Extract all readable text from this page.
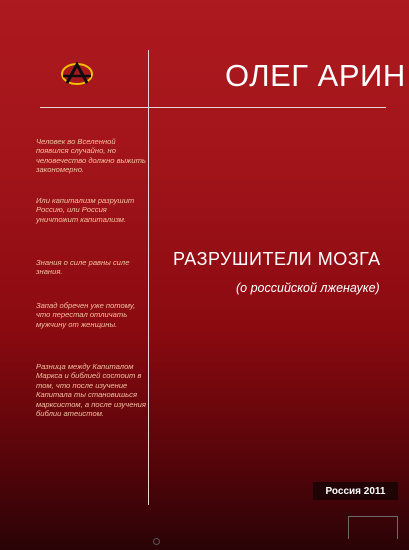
ОЛЕГ АРИН

Человек во Вселенной появился случайно, но человечество должно выжить закономерно.

Или капитализм разрушит Россию, или Россия уничтожит капитализм.

Знания о силе равны силе знания.

Запад обречен уже потому, что перестал отличать мужчину от женщины.

Разница между Капиталом Маркса и библией состоит в том, что после изучение Капитала ты становишься марксистом, а после изучения библии атеистом.

РАЗРУШИТЕЛИ МОЗГА
(о российской лженауке)
Россия 2011
